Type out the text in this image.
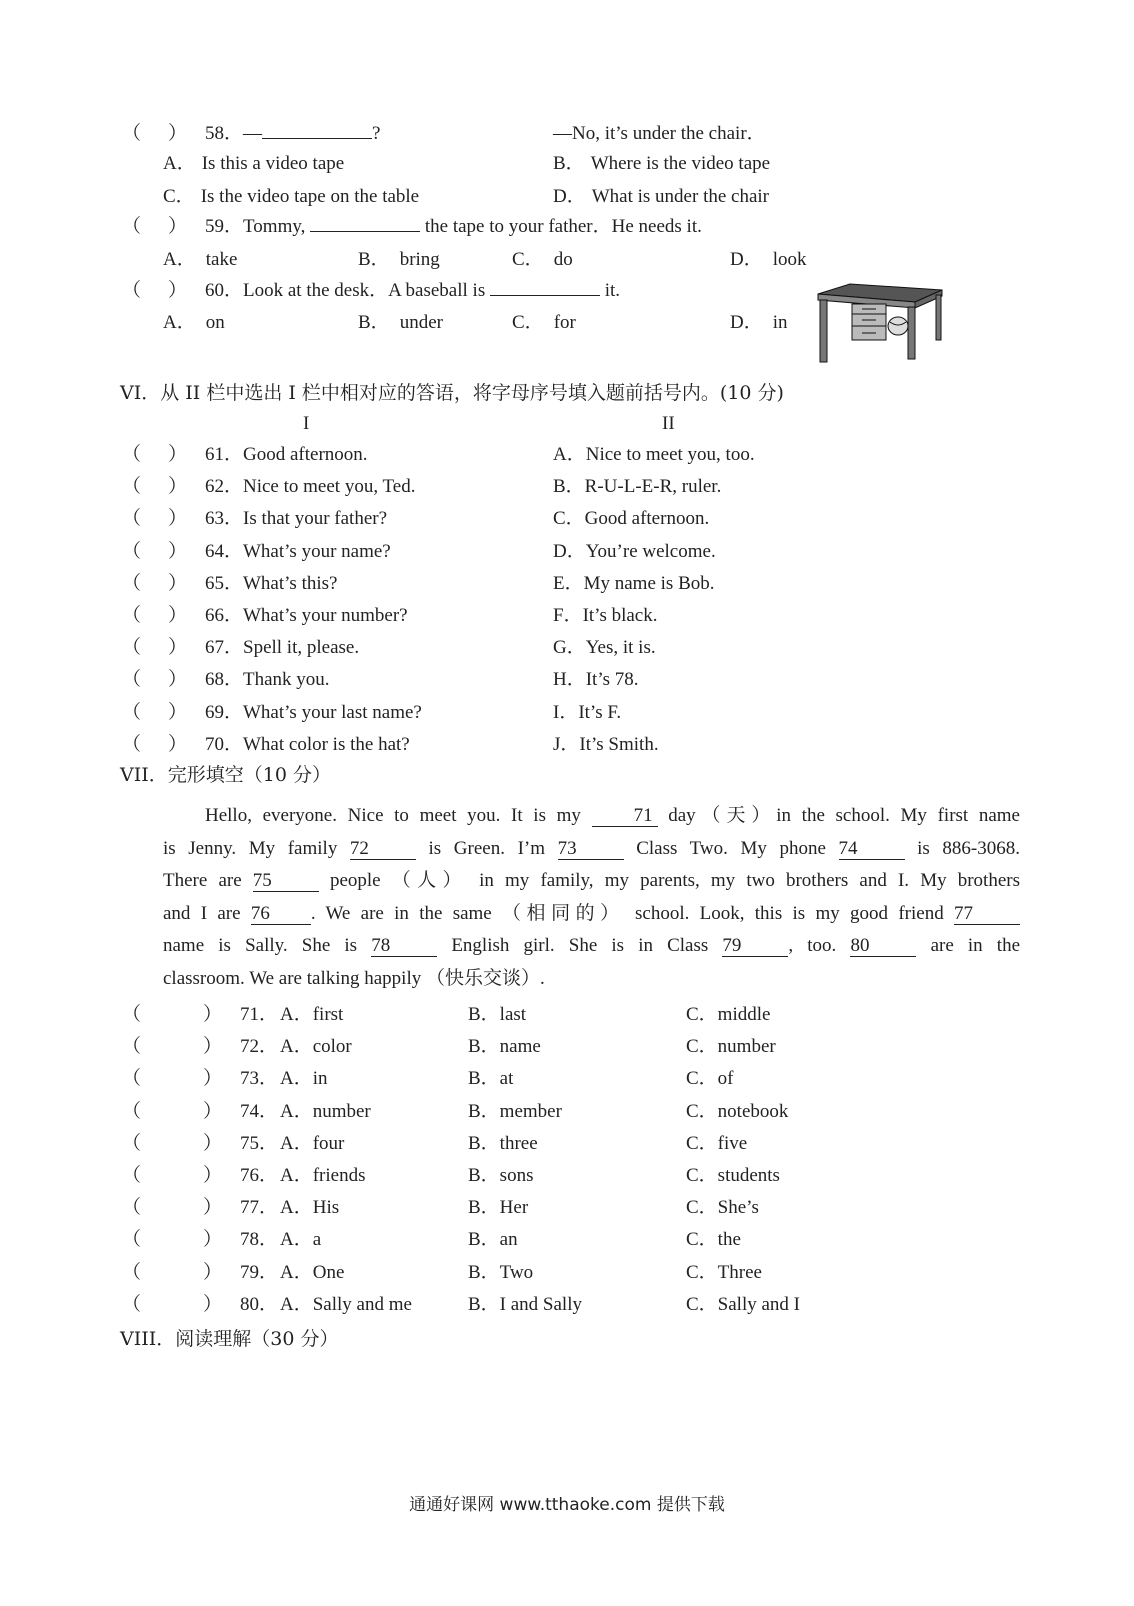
（ ） 58．—	?	—No, it’s under the chair．
A． Is this a video tape	B． Where is the video tape
C． Is the video tape on the table	D． What is under the chair
（ ） 59．Tommy,	the tape to your father．He needs it.
A． take	B． bring	C． do	D． look
（ ） 60．Look at the desk．A baseball is	it.
A． on	B． under	C． for	D． in
VI．从 II 栏中选出 I 栏中相对应的答语，将字母序号填入题前括号内。(10 分)
I	II
（ ） 61．Good afternoon.	A．Nice to meet you, too.
（ ） 62．Nice to meet you, Ted.	B．R-U-L-E-R, ruler.
（ ） 63．Is that your father?	C．Good afternoon.
（ ） 64．What’s your name?	D．You’re welcome.
（ ） 65．What’s this?	E．My name is Bob.
（ ） 66．What’s your number?	F．It’s black.
（ ） 67．Spell it, please.	G．Yes, it is.
（ ） 68．Thank you.	H．It’s 78.
（ ） 69．What’s your last name?	I．It’s F.
（ ） 70．What color is the hat?	J．It’s Smith.
VII．完形填空（10 分）
Hello, everyone. Nice to meet you. It is my 71 day（天）in the school. My first name
is Jenny. My family 72 is Green. I’m 73 Class Two. My phone 74 is 886-3068.
There are 75 people （人） in my family, my parents, my two brothers and I. My brothers
and I are 76 . We are in the same （相同的） school. Look, this is my good friend 77
name is Sally. She is 78 English girl. She is in Class 79 , too. 80 are in the
classroom. We are talking happily （快乐交谈）.
（	） 71． A．first	B．last	C．middle
（	） 72． A．color	B．name	C．number
（	） 73． A．in	B．at	C．of
（	） 74． A．number	B．member	C．notebook
（	） 75． A．four	B．three	C．five
（	） 76． A．friends	B．sons	C．students
（	） 77． A．His	B．Her	C．She’s
（	） 78． A．a	B．an	C．the
（	） 79． A．One	B．Two	C．Three
（	） 80． A．Sally and me	B．I and Sally	C．Sally and I
VIII．阅读理解（30 分）
通通好课网 www.tthaoke.com 提供下载
